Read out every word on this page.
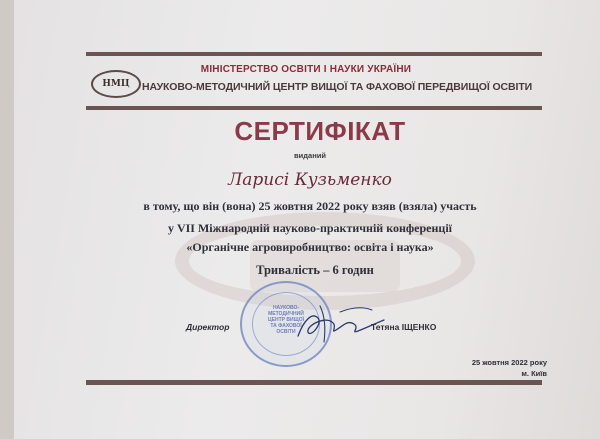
НМЦ
МІНІСТЕРСТВО ОСВІТИ І НАУКИ УКРАЇНИ
НАУКОВО-МЕТОДИЧНИЙ ЦЕНТР ВИЩОЇ ТА ФАХОВОЇ ПЕРЕДВИЩОЇ ОСВІТИ
СЕРТИФІКАТ
виданий
Ларисі Кузьменко
в тому, що він (вона) 25 жовтня 2022 року взяв (взяла) участь
у VII Міжнародній науково-практичній конференції
«Органічне агровиробництво: освіта і наука»
Тривалість – 6 годин
НАУКОВО-
МЕТОДИЧНИЙ
ЦЕНТР ВИЩОЇ
ТА ФАХОВОЇ
ОСВІТИ
Директор	Тетяна ІЩЕНКО
25 жовтня 2022 року
м. Київ
